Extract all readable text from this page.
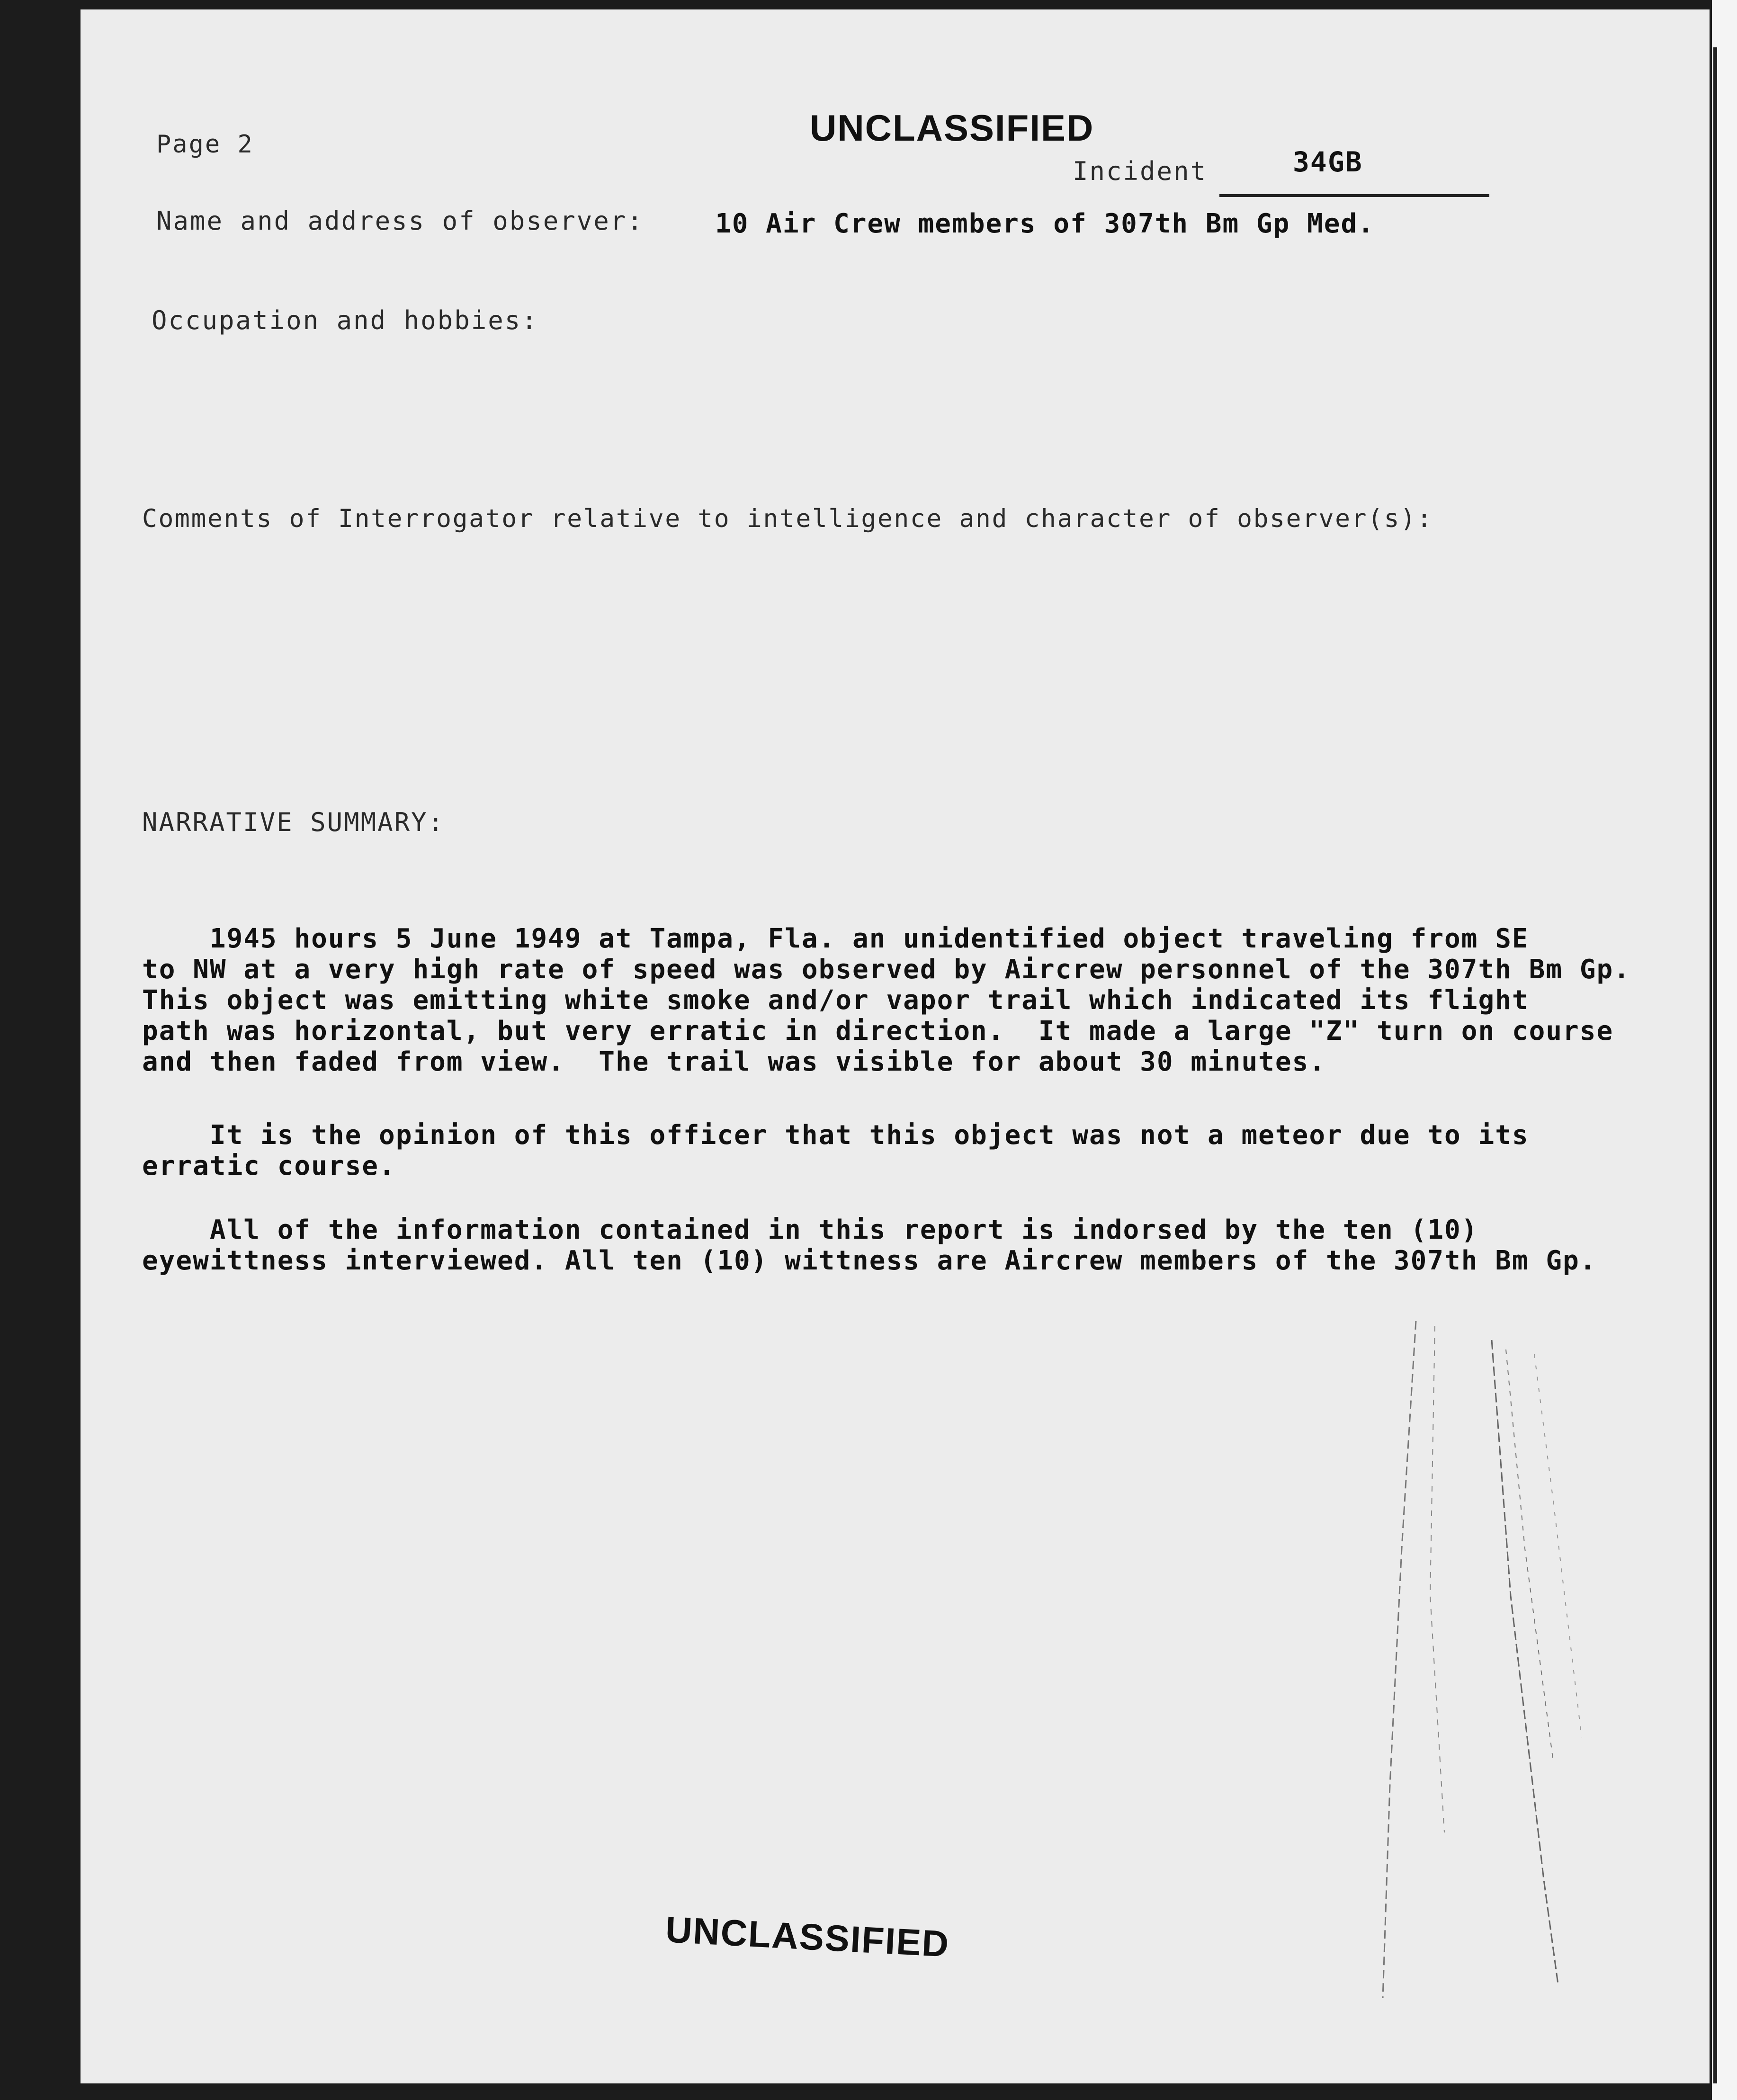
Page 2	UNCLASSIFIED
Incident	34GB
Name and address of observer:	10 Air Crew members of 307th Bm Gp Med.
Occupation and hobbies:
Comments of Interrogator relative to intelligence and character of observer(s):
NARRATIVE SUMMARY:
1945 hours 5 June 1949 at Tampa, Fla. an unidentified object traveling from SE
to NW at a very high rate of speed was observed by Aircrew personnel of the 307th Bm Gp.
This object was emitting white smoke and/or vapor trail which indicated its flight
path was horizontal, but very erratic in direction.  It made a large "Z" turn on course
and then faded from view.  The trail was visible for about 30 minutes.
It is the opinion of this officer that this object was not a meteor due to its
erratic course.
All of the information contained in this report is indorsed by the ten (10)
eyewittness interviewed. All ten (10) wittness are Aircrew members of the 307th Bm Gp.
UNCLASSIFIED
